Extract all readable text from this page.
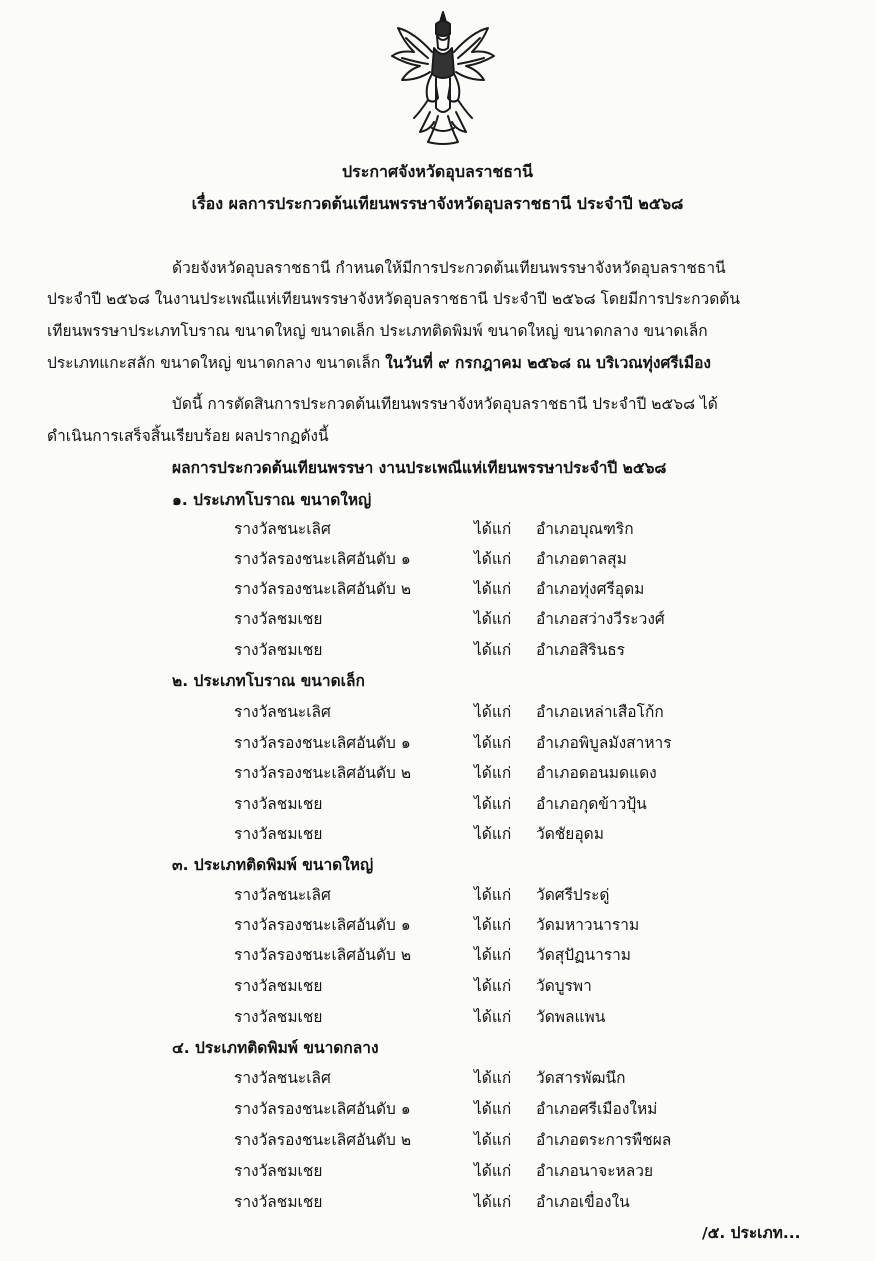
ประกาศจังหวัดอุบลราชธานี
เรื่อง ผลการประกวดต้นเทียนพรรษาจังหวัดอุบลราชธานี ประจำปี ๒๕๖๘
ด้วยจังหวัดอุบลราชธานี กำหนดให้มีการประกวดต้นเทียนพรรษาจังหวัดอุบลราชธานี
ประจำปี ๒๕๖๘ ในงานประเพณีแห่เทียนพรรษาจังหวัดอุบลราชธานี ประจำปี ๒๕๖๘ โดยมีการประกวดต้น
เทียนพรรษาประเภทโบราณ ขนาดใหญ่ ขนาดเล็ก ประเภทติดพิมพ์ ขนาดใหญ่ ขนาดกลาง ขนาดเล็ก
ประเภทแกะสลัก ขนาดใหญ่ ขนาดกลาง ขนาดเล็ก ในวันที่ ๙ กรกฎาคม ๒๕๖๘ ณ บริเวณทุ่งศรีเมือง
บัดนี้ การตัดสินการประกวดต้นเทียนพรรษาจังหวัดอุบลราชธานี ประจำปี ๒๕๖๘ ได้
ดำเนินการเสร็จสิ้นเรียบร้อย ผลปรากฏดังนี้
ผลการประกวดต้นเทียนพรรษา งานประเพณีแห่เทียนพรรษาประจำปี ๒๕๖๘
๑. ประเภทโบราณ ขนาดใหญ่
รางวัลชนะเลิศ	ได้แก่ อำเภอบุณฑริก
รางวัลรองชนะเลิศอันดับ ๑	ได้แก่ อำเภอตาลสุม
รางวัลรองชนะเลิศอันดับ ๒	ได้แก่ อำเภอทุ่งศรีอุดม
รางวัลชมเชย	ได้แก่ อำเภอสว่างวีระวงศ์
รางวัลชมเชย	ได้แก่ อำเภอสิรินธร
๒. ประเภทโบราณ ขนาดเล็ก
รางวัลชนะเลิศ	ได้แก่ อำเภอเหล่าเสือโก้ก
รางวัลรองชนะเลิศอันดับ ๑	ได้แก่ อำเภอพิบูลมังสาหาร
รางวัลรองชนะเลิศอันดับ ๒	ได้แก่ อำเภอดอนมดแดง
รางวัลชมเชย	ได้แก่ อำเภอกุดข้าวปุ้น
รางวัลชมเชย	ได้แก่ วัดชัยอุดม
๓. ประเภทติดพิมพ์ ขนาดใหญ่
รางวัลชนะเลิศ	ได้แก่ วัดศรีประดู่
รางวัลรองชนะเลิศอันดับ ๑	ได้แก่ วัดมหาวนาราม
รางวัลรองชนะเลิศอันดับ ๒	ได้แก่ วัดสุปัฏนาราม
รางวัลชมเชย	ได้แก่ วัดบูรพา
รางวัลชมเชย	ได้แก่ วัดพลแพน
๔. ประเภทติดพิมพ์ ขนาดกลาง
รางวัลชนะเลิศ	ได้แก่ วัดสารพัฒนึก
รางวัลรองชนะเลิศอันดับ ๑	ได้แก่ อำเภอศรีเมืองใหม่
รางวัลรองชนะเลิศอันดับ ๒	ได้แก่ อำเภอตระการพืชผล
รางวัลชมเชย	ได้แก่ อำเภอนาจะหลวย
รางวัลชมเชย	ได้แก่ อำเภอเขื่องใน
/๕. ประเภท...
